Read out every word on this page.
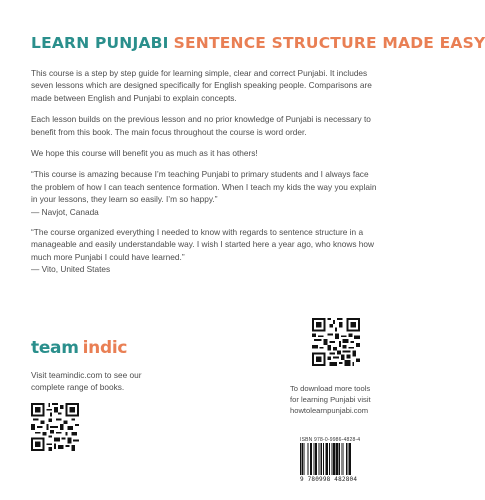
LEARN PUNJABI SENTENCE STRUCTURE MADE EASY

This course is a step by step guide for learning simple, clear and correct Punjabi. It includes seven lessons which are designed specifically for English speaking people. Comparisons are made between English and Punjabi to explain concepts.

Each lesson builds on the previous lesson and no prior knowledge of Punjabi is necessary to benefit from this book. The main focus throughout the course is word order.

We hope this course will benefit you as much as it has others!

“This course is amazing because I’m teaching Punjabi to primary students and I always face the problem of how I can teach sentence formation. When I teach my kids the way you explain in your lessons, they learn so easily. I’m so happy.”

— Navjot, Canada

“The course organized everything I needed to know with regards to sentence structure in a manageable and easily understandable way. I wish I started here a year ago, who knows how much more Punjabi I could have learned.”

— Vito, United States

team indic

Visit teamindic.com to see our

complete range of books.	To download more tools

for learning Punjabi visit

howtolearnpunjabi.com

ISBN 978-0-9986-4828-4
9 780998 482804
